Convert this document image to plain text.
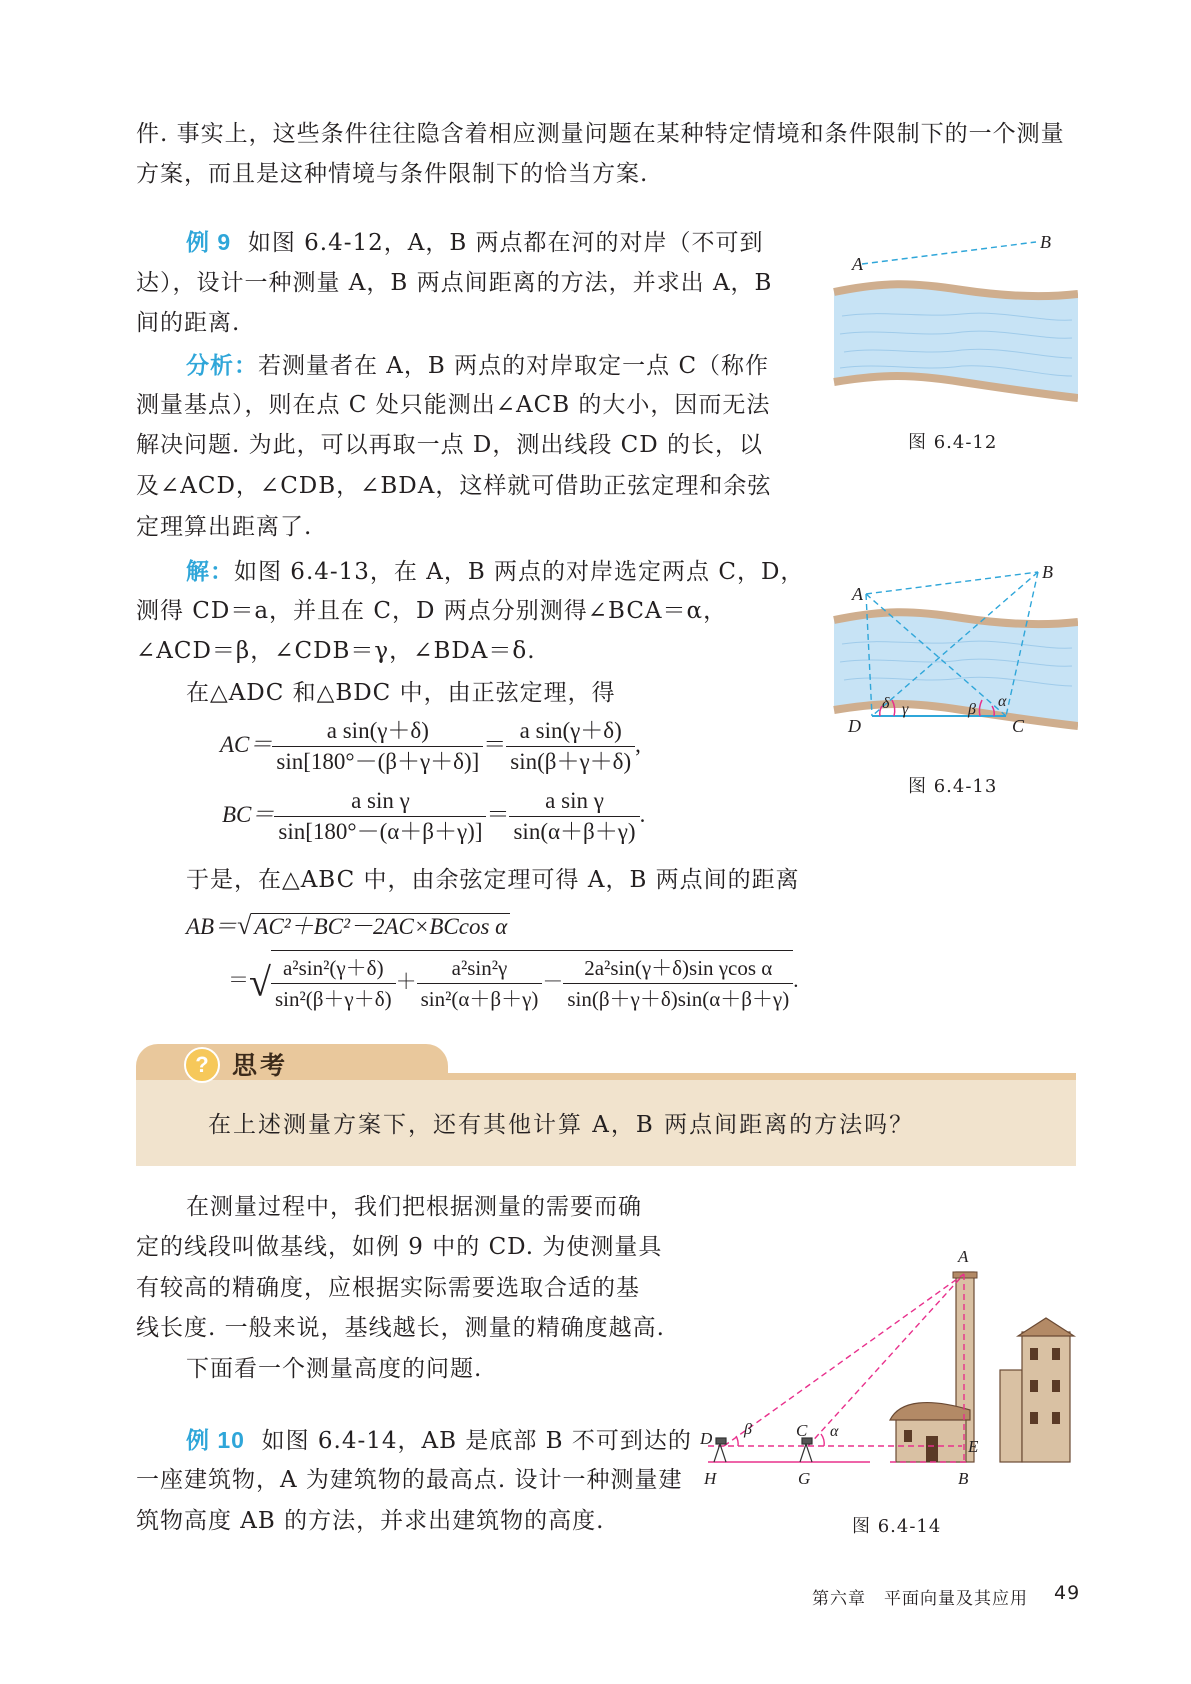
件. 事实上，这些条件往往隐含着相应测量问题在某种特定情境和条件限制下的一个测量
方案，而且是这种情境与条件限制下的恰当方案.
例 9 如图 6.4-12，A，B 两点都在河的对岸（不可到
达），设计一种测量 A，B 两点间距离的方法，并求出 A，B
间的距离.
分析：若测量者在 A，B 两点的对岸取定一点 C（称作
测量基点），则在点 C 处只能测出∠ACB 的大小，因而无法
解决问题. 为此，可以再取一点 D，测出线段 CD 的长，以
及∠ACD，∠CDB，∠BDA，这样就可借助正弦定理和余弦
定理算出距离了.
解：如图 6.4-13，在 A，B 两点的对岸选定两点 C，D，
测得 CD＝a，并且在 C，D 两点分别测得∠BCA＝α，
∠ACD＝β，∠CDB＝γ，∠BDA＝δ.
在△ADC 和△BDC 中，由正弦定理，得
$AC= \frac{\text{a sin(γ＋δ)}}{\sin[180^\circ-(\beta+\gamma+\delta)]} = \frac{\text{a sin(γ＋δ)}}{\sin(\beta+\gamma+\delta)}$ ,
$BC= \frac{\text{a sin γ}}{\sin[180^\circ-(\alpha+\beta+\gamma)]} = \frac{\text{a sin γ}}{\sin(\alpha+\beta+\gamma)}$ .
于是，在△ABC 中，由余弦定理可得 A，B 两点间的距离
AB＝√ AC²＋BC²－2AC×BCcos α
＝√ $\frac{\text{a²sin²(γ＋δ)}}{\text{sin²(β＋γ＋δ)}} + \frac{\text{a²sin²γ}}{\text{sin²(α＋β＋γ)}} - \frac{\text{2a²sin(γ＋δ)sin γcos α}}{\sin(\beta+\gamma+\delta)\sin(\alpha+\beta+\gamma)}$ .
? 思考
在上述测量方案下，还有其他计算 A，B 两点间距离的方法吗？
在测量过程中，我们把根据测量的需要而确
定的线段叫做基线，如例 9 中的 CD. 为使测量具
有较高的精确度，应根据实际需要选取合适的基
线长度. 一般来说，基线越长，测量的精确度越高.
下面看一个测量高度的问题.
例 10 如图 6.4-14，AB 是底部 B 不可到达的
一座建筑物，A 为建筑物的最高点. 设计一种测量建
筑物高度 AB 的方法，并求出建筑物的高度.
A
B
图 6.4-12
A
B
D	C
δ γ	β α
图 6.4-13
A
B
E
D
H
C
G
β	α
图 6.4-14
第六章　平面向量及其应用 49
